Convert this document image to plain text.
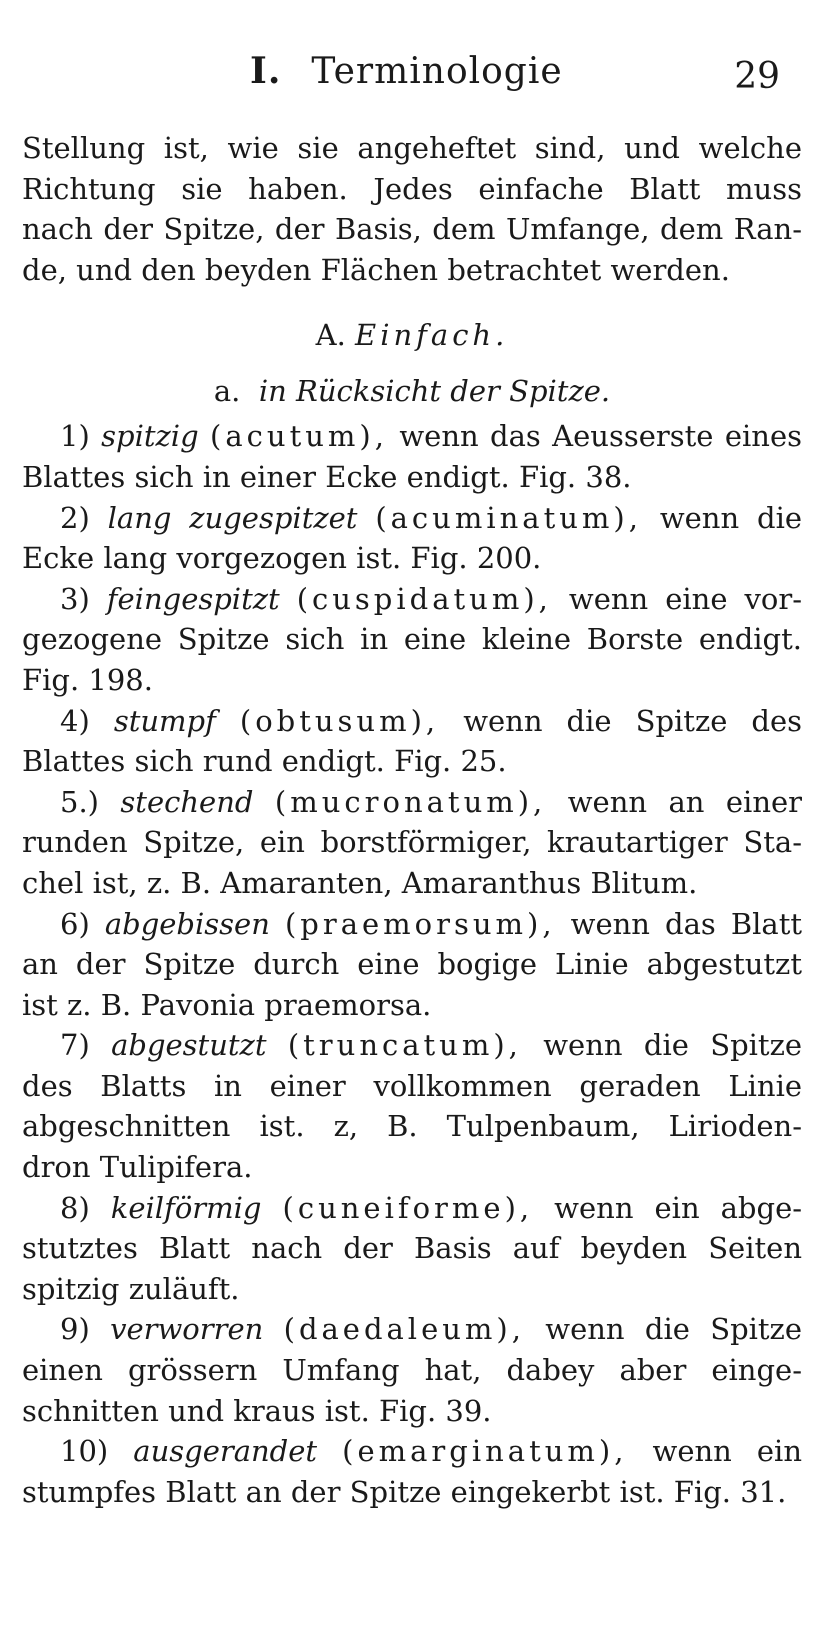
I. Terminologie	29
Stellung ist, wie sie angeheftet sind, und welche
Richtung sie haben. Jedes einfache Blatt muss
nach der Spitze, der Basis, dem Umfange, dem Ran-
de, und den beyden Flächen betrachtet werden.
A. Einfach.
a. in Rücksicht der Spitze.
1) spitzig (acutum), wenn das Aeusserste eines
Blattes sich in einer Ecke endigt. Fig. 38.
2) lang zugespitzet (acuminatum), wenn die
Ecke lang vorgezogen ist. Fig. 200.
3) feingespitzt (cuspidatum), wenn eine vor-
gezogene Spitze sich in eine kleine Borste endigt.
Fig. 198.
4) stumpf (obtusum), wenn die Spitze des
Blattes sich rund endigt. Fig. 25.
5.) stechend (mucronatum), wenn an einer
runden Spitze, ein borstförmiger, krautartiger Sta-
chel ist, z. B. Amaranten, Amaranthus Blitum.
6) abgebissen (praemorsum), wenn das Blatt
an der Spitze durch eine bogige Linie abgestutzt
ist z. B. Pavonia praemorsa.
7) abgestutzt (truncatum), wenn die Spitze
des Blatts in einer vollkommen geraden Linie
abgeschnitten ist. z, B. Tulpenbaum, Lirioden-
dron Tulipifera.
8) keilförmig (cuneiforme), wenn ein abge-
stutztes Blatt nach der Basis auf beyden Seiten
spitzig zuläuft.
9) verworren (daedaleum), wenn die Spitze
einen grössern Umfang hat, dabey aber einge-
schnitten und kraus ist. Fig. 39.
10) ausgerandet (emarginatum), wenn ein
stumpfes Blatt an der Spitze eingekerbt ist. Fig. 31.
